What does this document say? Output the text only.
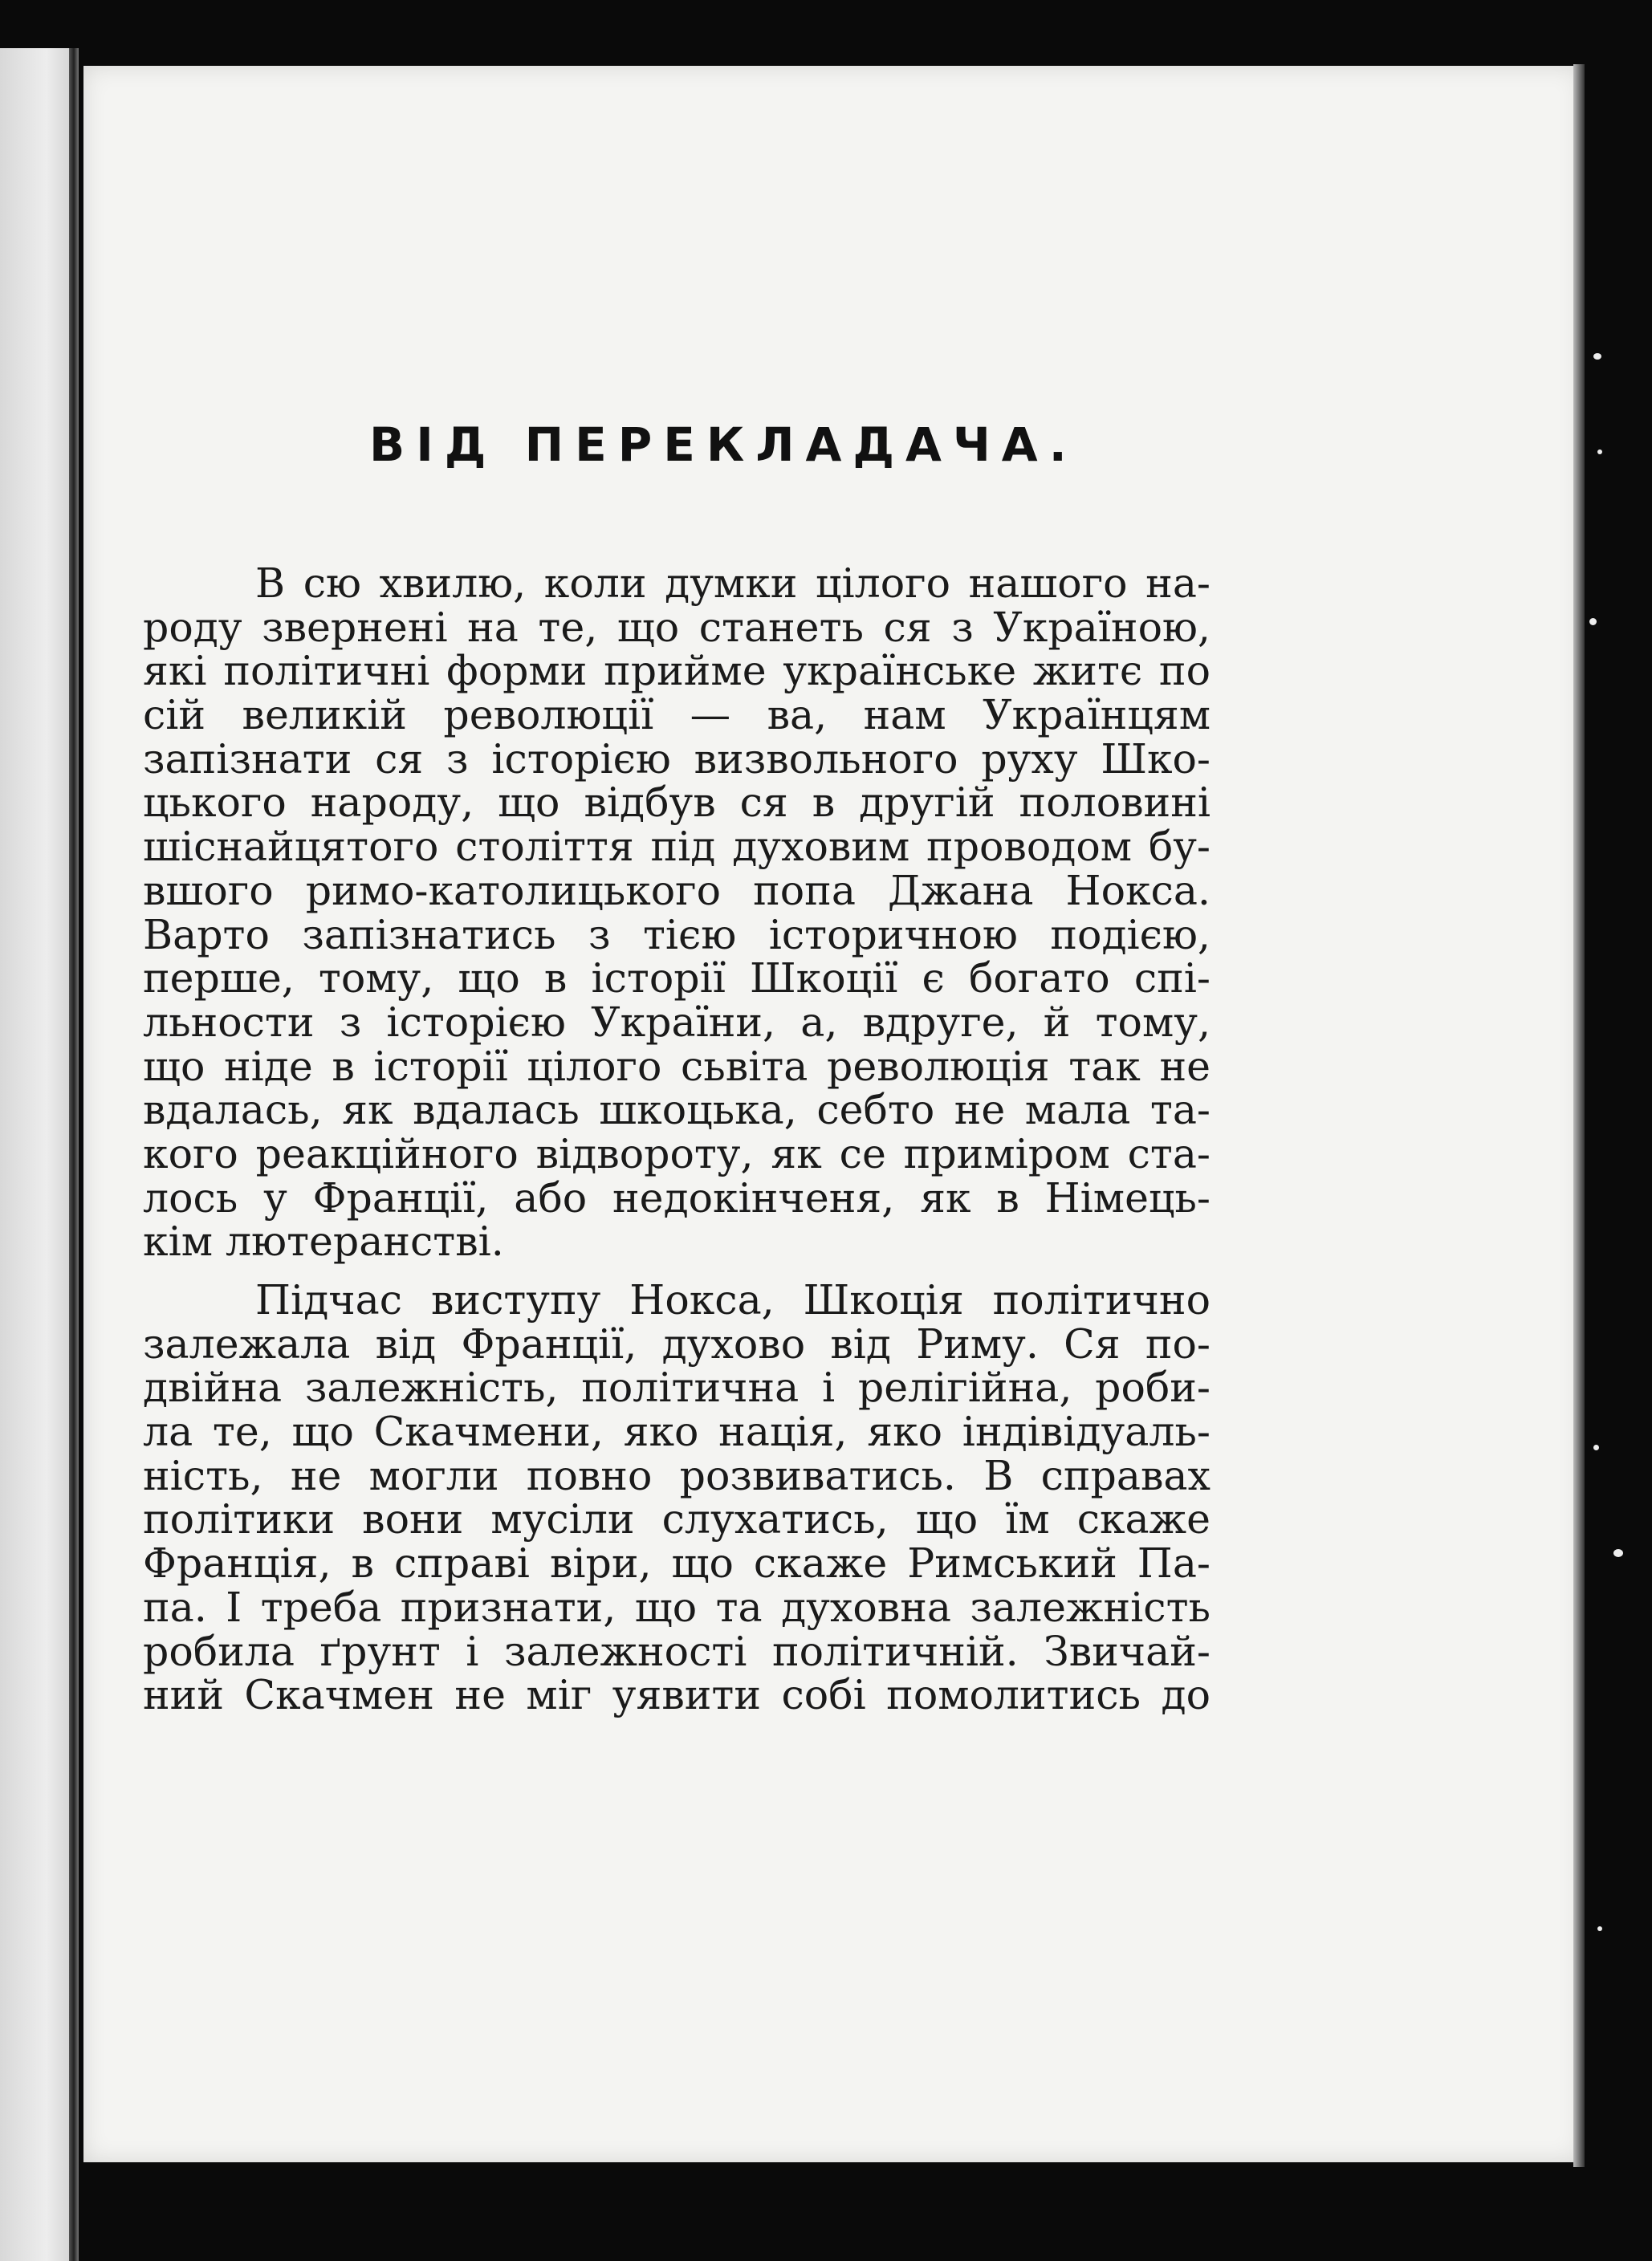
ВІД ПЕРЕКЛАДАЧА.
В сю хвилю, коли думки цілого нашого на-
роду звернені на те, що станеть ся з Україною,
які політичні форми прийме українське житє по
сій великій революції — ва, нам Українцям
запізнати ся з історією визвольного руху Шко-
цького народу, що відбув ся в другій половині
шіснайцятого століття під духовим проводом бу-
вшого римо-католицького попа Джана Нокса.
Варто запізнатись з тією історичною подією,
перше, тому, що в історії Шкоції є богато спі-
льности з історією України, а, вдруге, й тому,
що ніде в історії цілого сьвіта революція так не
вдалась, як вдалась шкоцька, себто не мала та-
кого реакційного відвороту, як се приміром ста-
лось у Франції, або недокінченя, як в Німець-
кім лютеранстві.
Підчас виступу Нокса, Шкоція політично
залежала від Франції, духово від Риму. Ся по-
двійна залежність, політична і релігійна, роби-
ла те, що Скачмени, яко нація, яко індівідуаль-
ність, не могли повно розвиватись. В справах
політики вони мусіли слухатись, що їм скаже
Франція, в справі віри, що скаже Римський Па-
па. І треба признати, що та духовна залежність
робила ґрунт і залежності політичній. Звичай-
ний Скачмен не міг уявити собі помолитись до
